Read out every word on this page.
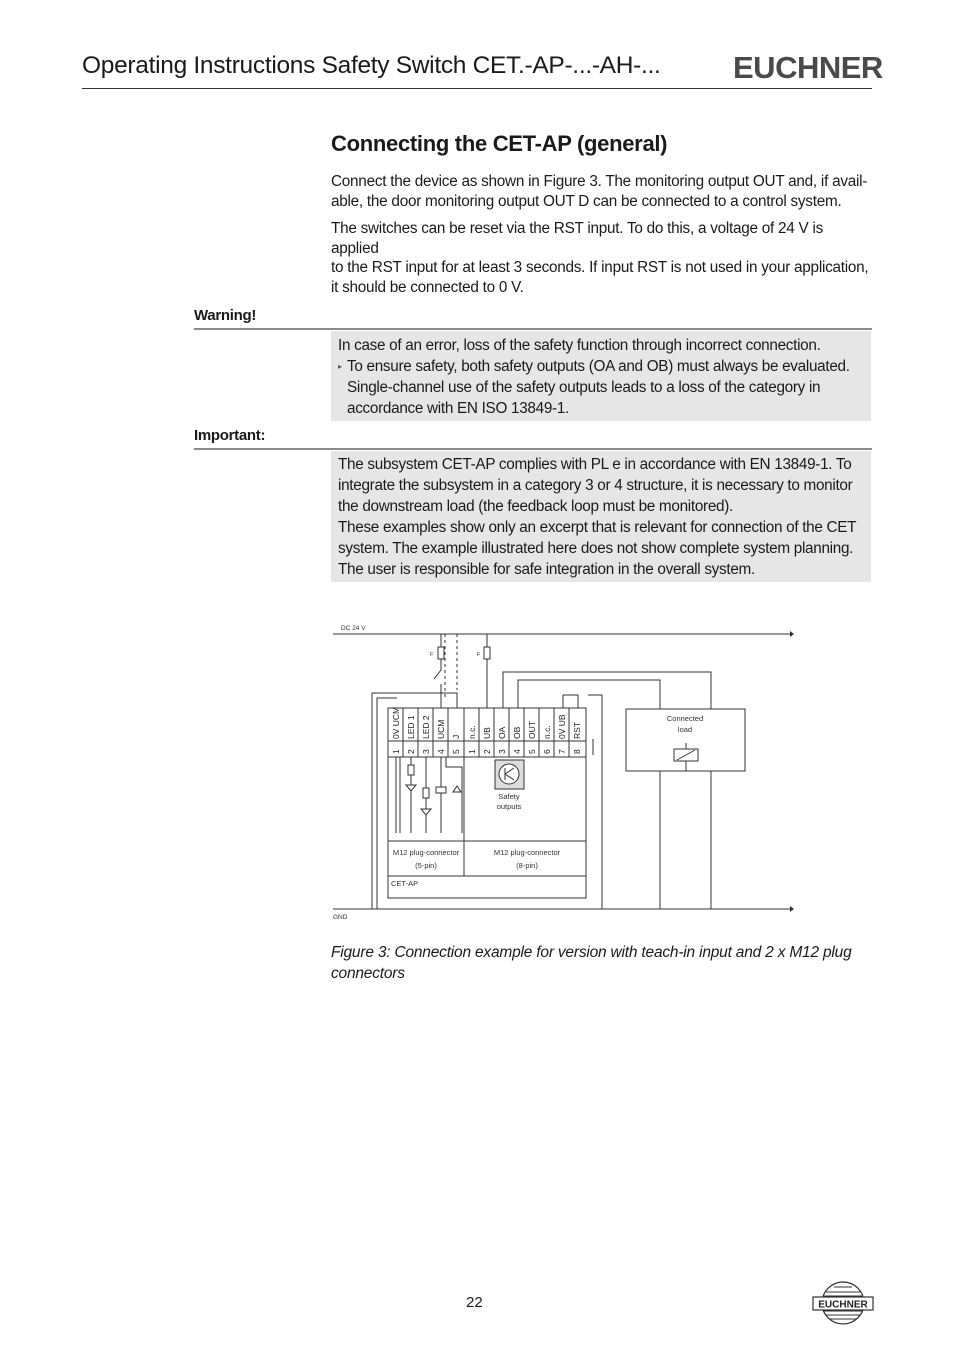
Operating Instructions Safety Switch CET.-AP-...-AH-... EUCHNER
Connecting the CET-AP (general)
Connect the device as shown in Figure 3. The monitoring output OUT and, if avail-
able, the door monitoring output OUT D can be connected to a control system.
The switches can be reset via the RST input. To do this, a voltage of 24 V is applied
to the RST input for at least 3 seconds. If input RST is not used in your application,
it should be connected to 0 V.
Warning!
In case of an error, loss of the safety function through incorrect connection.
▸ To ensure safety, both safety outputs (OA and OB) must always be evaluated.
Single-channel use of the safety outputs leads to a loss of the category in
accordance with EN ISO 13849-1.
Important:
The subsystem CET-AP complies with PL e in accordance with EN 13849-1. To
integrate the subsystem in a category 3 or 4 structure, it is necessary to monitor
the downstream load (the feedback loop must be monitored).
These examples show only an excerpt that is relevant for connection of the CET
system. The example illustrated here does not show complete system planning.
The user is responsible for safe integration in the overall system.
DC 24 V
GND
F	F
0V UCM LED 1 LED 2 UCM J n.c. UB OA OB OUT n.c. 0V UB RST
1 2 3 4 5 1 2 3 4 5 6 7 8
Safety
outputs
M12 plug-connector
(5-pin)
M12 plug-connector
(8-pin)
CET-AP
Connected
load
Figure 3: Connection example for version with teach-in input and 2 x M12 plug
connectors
22	EUCHNER
